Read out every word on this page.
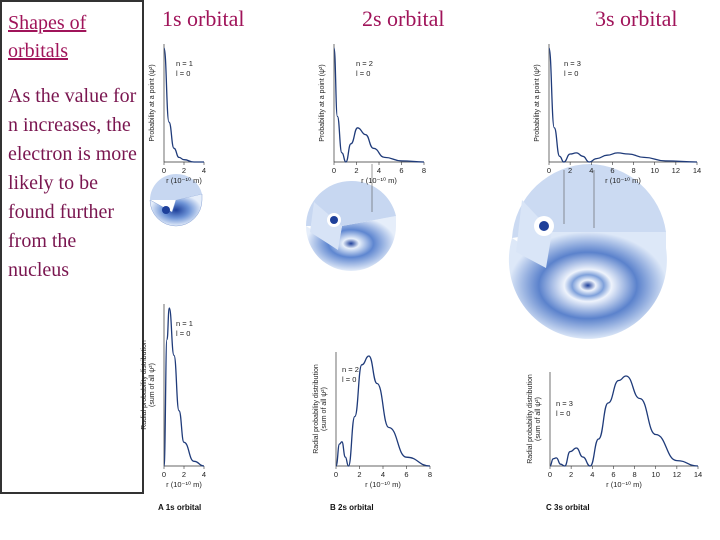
Shapes of orbitals
As the value for n increases, the electron is more likely to be found further from the nucleus
1s orbital	2s orbital	3s orbital
n = 1
l = 0
n = 2
l = 0
n = 3
l = 0
n = 1
l = 0
n = 2
l = 0
n = 3
l = 0
A 1s orbital	B 2s orbital	C 3s orbital
0 2 4
r (10⁻¹⁰ m)
Probability at a point (ψ²)
0 2 4
r (10⁻¹⁰ m)
Radial probability distribution (sum of all ψ²)
0 2 4 6 8
r (10⁻¹⁰ m)
Probability at a point (ψ²)
0	2	4	6	8
r (10⁻¹⁰ m)
Radial probability distribution (sum of all ψ²)
0 2 4 6 8 10 12 14
r (10⁻¹⁰ m)
Probability at a point (ψ²)
0 2 4 6 8 10 12 14
r (10⁻¹⁰ m)
Radial probability distribution (sum of all ψ²)
